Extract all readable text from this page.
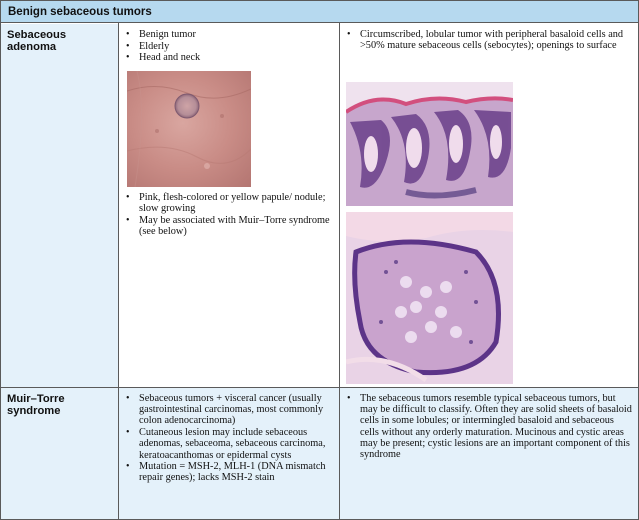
Benign sebaceous tumors
Sebaceous adenoma
• Benign tumor
• Elderly
• Head and neck
• Pink, flesh-colored or yellow papule/ nodule; slow growing
• May be associated with Muir–Torre syndrome (see below)
• Circumscribed, lobular tumor with peripheral basaloid cells and >50% mature sebaceous cells (sebocytes); openings to surface
Muir–Torre syndrome
• Sebaceous tumors + visceral cancer (usually gastrointestinal carcinomas, most commonly colon adenocarcinoma)
• Cutaneous lesion may include sebaceous adenomas, sebaceoma, sebaceous carcinoma, keratoacanthomas or epidermal cysts
• Mutation = MSH-2, MLH-1 (DNA mismatch repair genes); lacks MSH-2 stain
• The sebaceous tumors resemble typical sebaceous tumors, but may be difficult to classify. Often they are solid sheets of basaloid cells in some lobules; or intermingled basaloid and sebaceous cells without any orderly maturation. Mucinous and cystic areas may be present; cystic lesions are an important component of this syndrome
